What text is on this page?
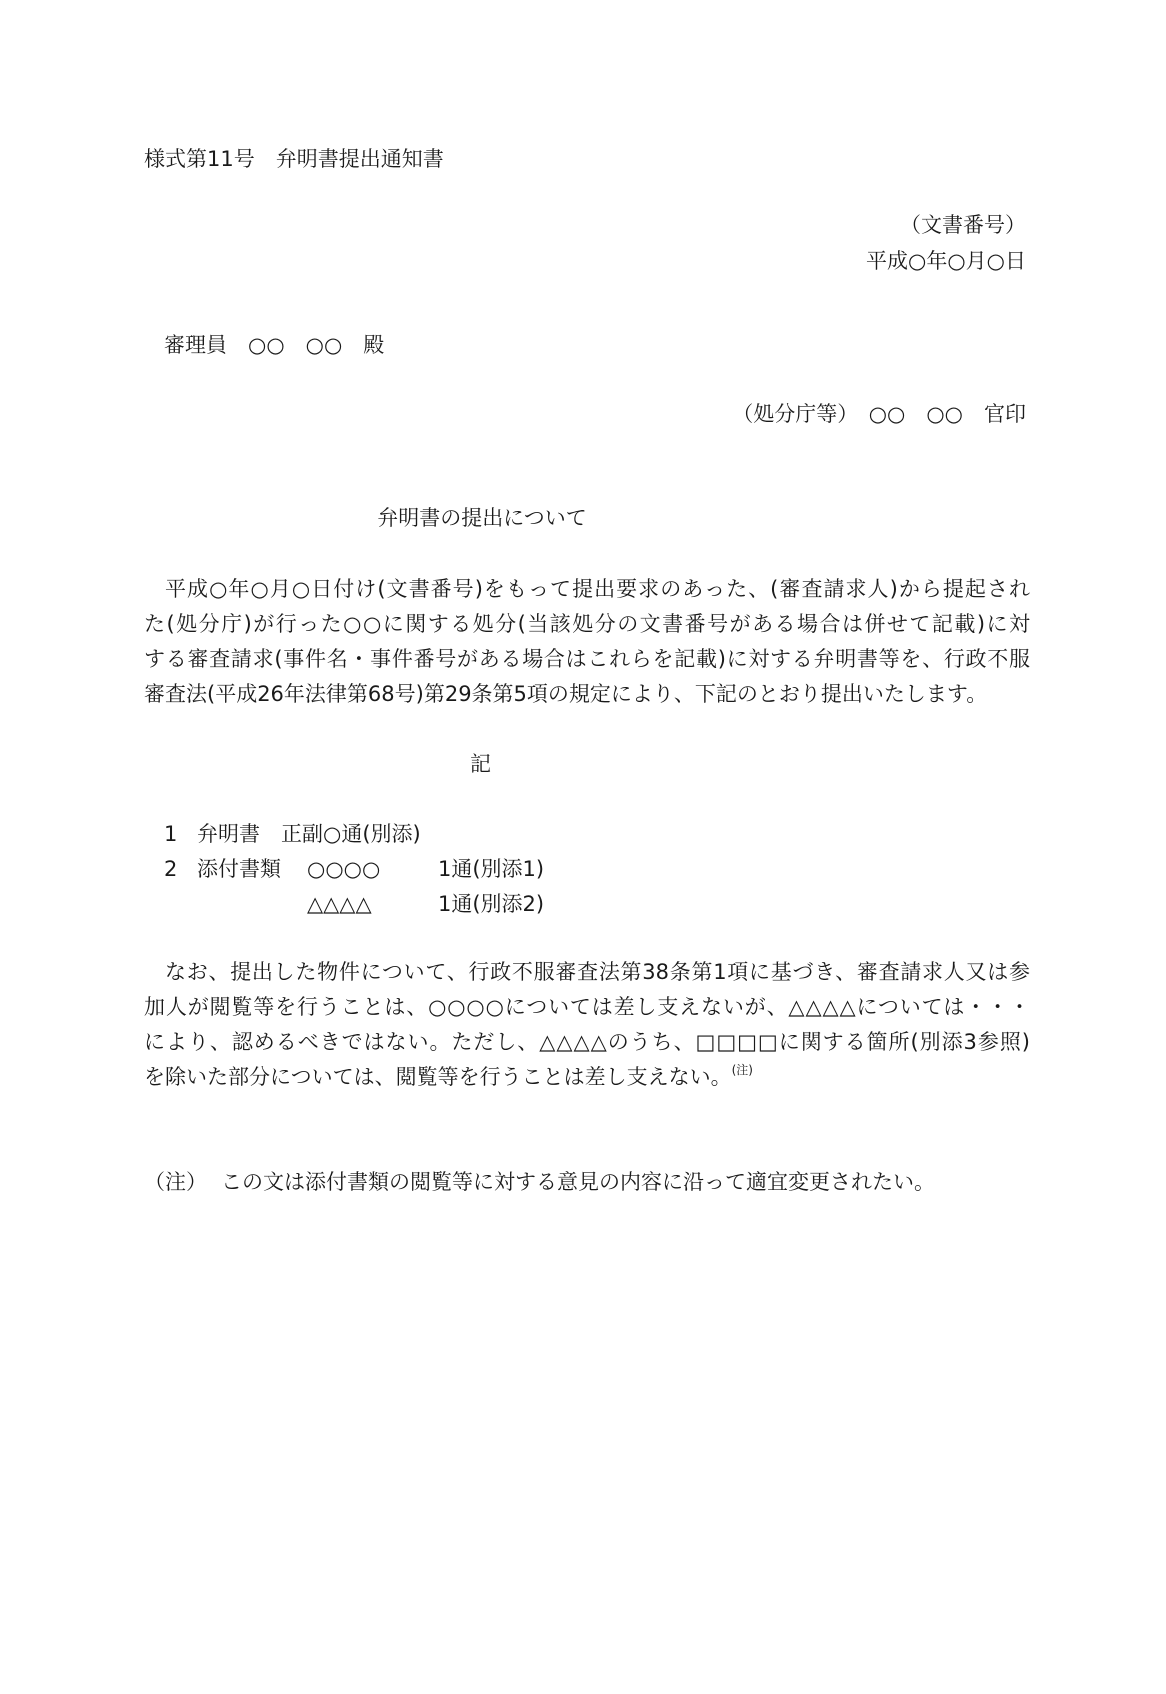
様式第11号　弁明書提出通知書
（文書番号）
平成○年○月○日
審理員　○○　○○　殿
（処分庁等）　○○　○○　官印
弁明書の提出について
平成○年○月○日付け(文書番号)をもって提出要求のあった、(審査請求人)から提起され
た(処分庁)が行った○○に関する処分(当該処分の文書番号がある場合は併せて記載)に対
する審査請求(事件名・事件番号がある場合はこれらを記載)に対する弁明書等を、行政不服
審査法(平成26年法律第68号)第29条第5項の規定により、下記のとおり提出いたします。
記
1 弁明書　正副○通(別添)
2 添付書類 ○○○○	1通(別添1)
△△△△	1通(別添2)
なお、提出した物件について、行政不服審査法第38条第1項に基づき、審査請求人又は参
加人が閲覧等を行うことは、○○○○については差し支えないが、△△△△については・・・
により、認めるべきではない。ただし、△△△△のうち、□□□□に関する箇所(別添3参照)
を除いた部分については、閲覧等を行うことは差し支えない。$^{(注)}$
（注） この文は添付書類の閲覧等に対する意見の内容に沿って適宜変更されたい。
